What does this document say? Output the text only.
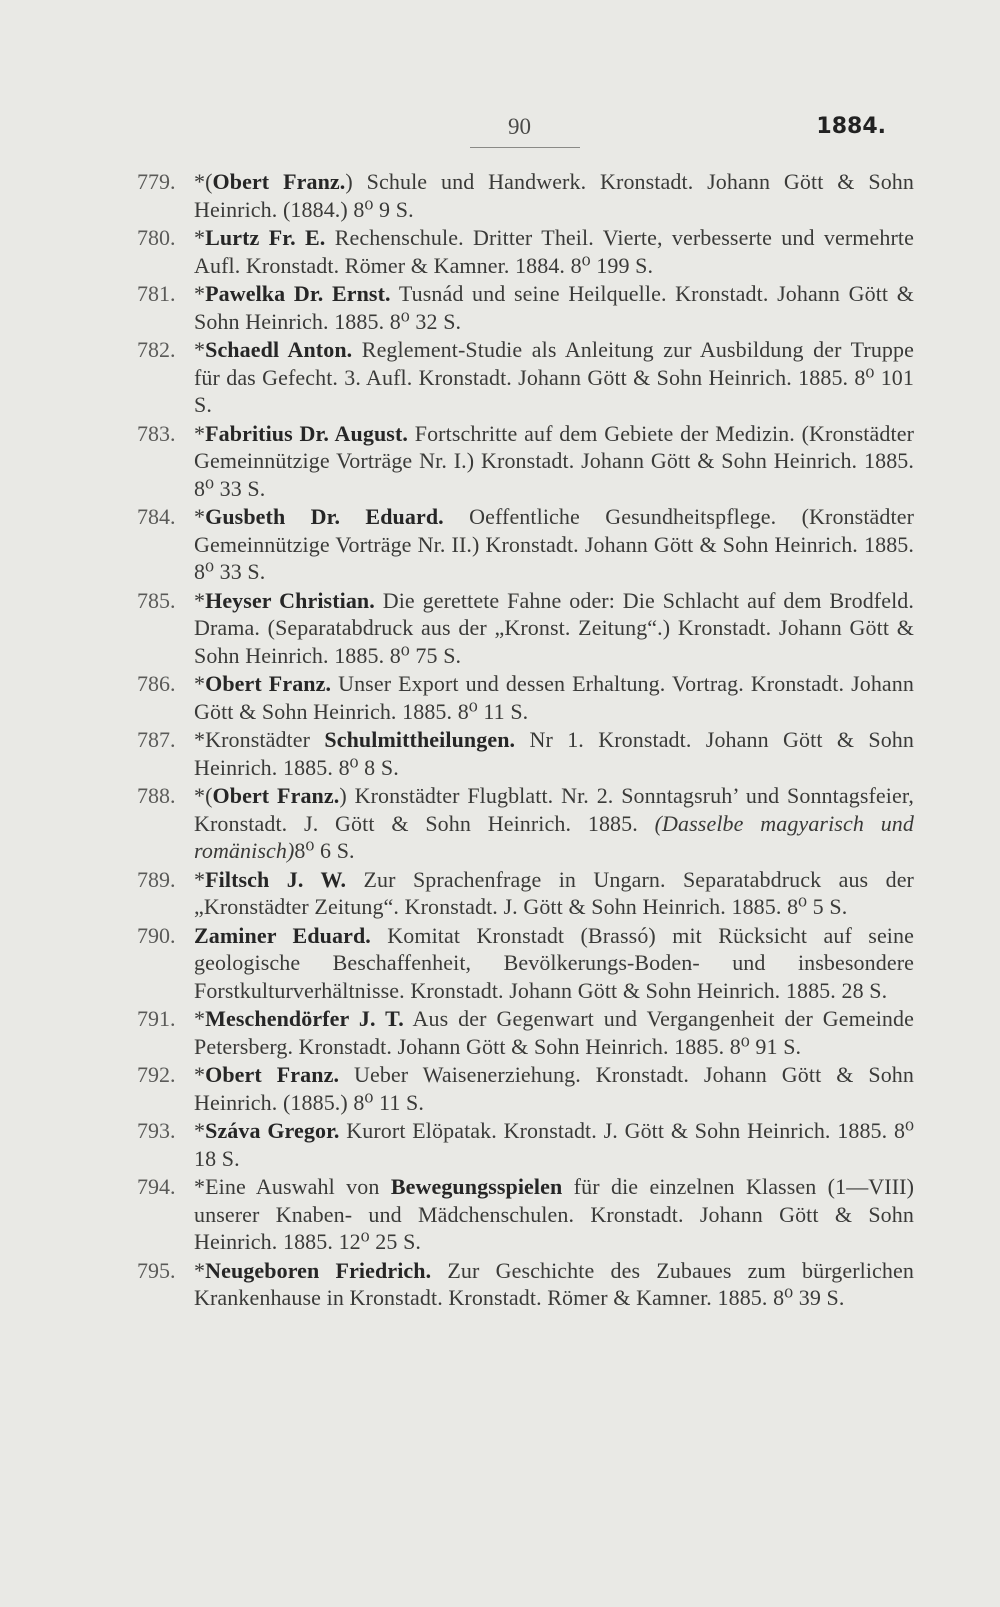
90	1884.
779. *(Obert Franz.) Schule und Handwerk. Kronstadt. Johann Gött & Sohn Heinrich. (1884.) 8⁰ 9 S.
780. *Lurtz Fr. E. Rechenschule. Dritter Theil. Vierte, verbesserte und vermehrte Aufl. Kronstadt. Römer & Kamner. 1884. 8⁰ 199 S.
781. *Pawelka Dr. Ernst. Tusnád und seine Heilquelle. Kronstadt. Johann Gött & Sohn Heinrich. 1885. 8⁰ 32 S.
782. *Schaedl Anton. Reglement-Studie als Anleitung zur Ausbildung der Truppe für das Gefecht. 3. Aufl. Kronstadt. Johann Gött & Sohn Heinrich. 1885. 8⁰ 101 S.
783. *Fabritius Dr. August. Fortschritte auf dem Gebiete der Medizin. (Kronstädter Gemeinnützige Vorträge Nr. I.) Kronstadt. Johann Gött & Sohn Heinrich. 1885. 8⁰ 33 S.
784. *Gusbeth Dr. Eduard. Oeffentliche Gesundheitspflege. (Kronstädter Gemeinnützige Vorträge Nr. II.) Kronstadt. Johann Gött & Sohn Heinrich. 1885. 8⁰ 33 S.
785. *Heyser Christian. Die gerettete Fahne oder: Die Schlacht auf dem Brodfeld. Drama. (Separatabdruck aus der „Kronst. Zeitung“.) Kronstadt. Johann Gött & Sohn Heinrich. 1885. 8⁰ 75 S.
786. *Obert Franz. Unser Export und dessen Erhaltung. Vortrag. Kronstadt. Johann Gött & Sohn Heinrich. 1885. 8⁰ 11 S.
787. *Kronstädter Schulmittheilungen. Nr 1. Kronstadt. Johann Gött & Sohn Heinrich. 1885. 8⁰ 8 S.
788. *(Obert Franz.) Kronstädter Flugblatt. Nr. 2. Sonntagsruh’ und Sonntagsfeier, Kronstadt. J. Gött & Sohn Heinrich. 1885. (Dasselbe magyarisch und romänisch)8⁰ 6 S.
789. *Filtsch J. W. Zur Sprachenfrage in Ungarn. Separatabdruck aus der „Kronstädter Zeitung“. Kronstadt. J. Gött & Sohn Heinrich. 1885. 8⁰ 5 S.
790. Zaminer Eduard. Komitat Kronstadt (Brassó) mit Rücksicht auf seine geologische Beschaffenheit, Bevölkerungs-Boden- und insbesondere Forstkulturverhältnisse. Kronstadt. Johann Gött & Sohn Heinrich. 1885. 28 S.
791. *Meschendörfer J. T. Aus der Gegenwart und Vergangenheit der Gemeinde Petersberg. Kronstadt. Johann Gött & Sohn Heinrich. 1885. 8⁰ 91 S.
792. *Obert Franz. Ueber Waisenerziehung. Kronstadt. Johann Gött & Sohn Heinrich. (1885.) 8⁰ 11 S.
793. *Száva Gregor. Kurort Elöpatak. Kronstadt. J. Gött & Sohn Heinrich. 1885. 8⁰ 18 S.
794. *Eine Auswahl von Bewegungsspielen für die einzelnen Klassen (1—VIII) unserer Knaben- und Mädchenschulen. Kronstadt. Johann Gött & Sohn Heinrich. 1885. 12⁰ 25 S.
795. *Neugeboren Friedrich. Zur Geschichte des Zubaues zum bürgerlichen Krankenhause in Kronstadt. Kronstadt. Römer & Kamner. 1885. 8⁰ 39 S.
